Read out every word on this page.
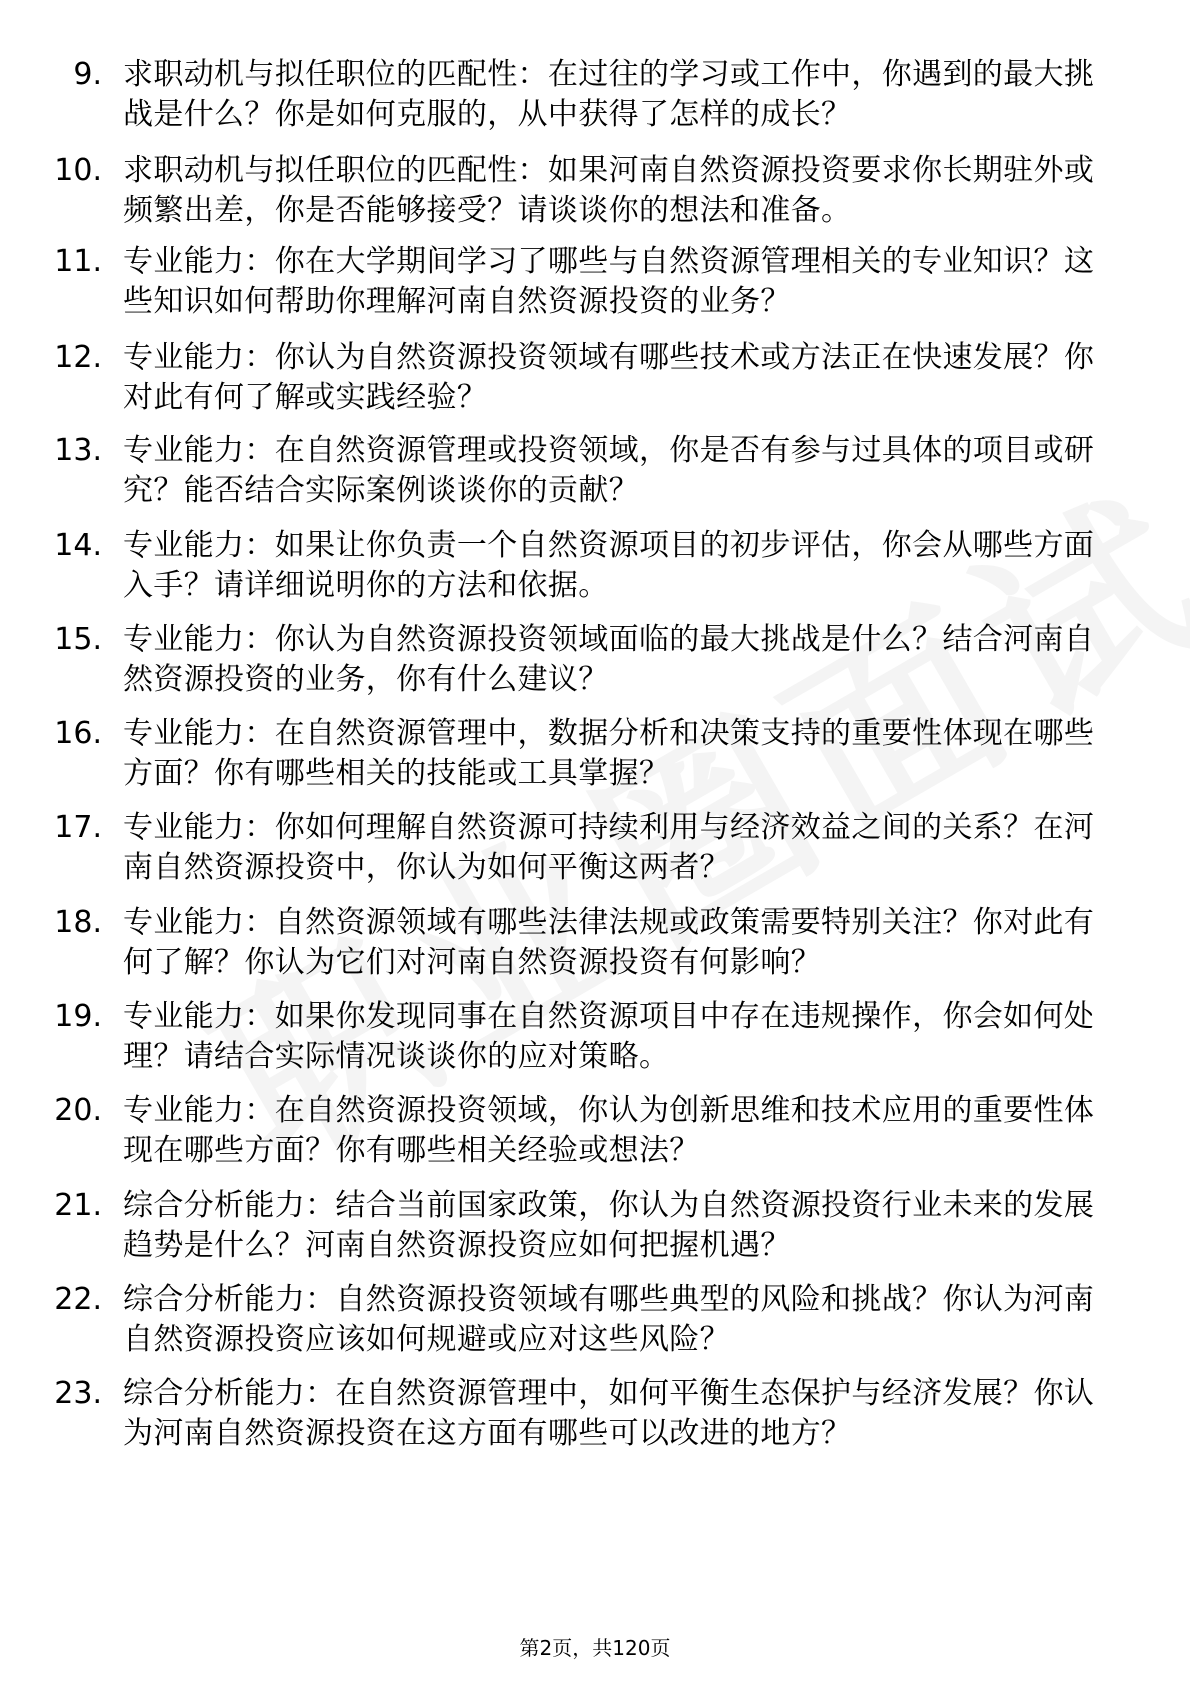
9. 求职动机与拟任职位的匹配性：在过往的学习或工作中，你遇到的最大挑战是什么？你是如何克服的，从中获得了怎样的成长？
10. 求职动机与拟任职位的匹配性：如果河南自然资源投资要求你长期驻外或频繁出差，你是否能够接受？请谈谈你的想法和准备。
11. 专业能力：你在大学期间学习了哪些与自然资源管理相关的专业知识？这些知识如何帮助你理解河南自然资源投资的业务？
12. 专业能力：你认为自然资源投资领域有哪些技术或方法正在快速发展？你对此有何了解或实践经验？
13. 专业能力：在自然资源管理或投资领域，你是否有参与过具体的项目或研究？能否结合实际案例谈谈你的贡献？
14. 专业能力：如果让你负责一个自然资源项目的初步评估，你会从哪些方面入手？请详细说明你的方法和依据。
15. 专业能力：你认为自然资源投资领域面临的最大挑战是什么？结合河南自然资源投资的业务，你有什么建议？
16. 专业能力：在自然资源管理中，数据分析和决策支持的重要性体现在哪些方面？你有哪些相关的技能或工具掌握？
17. 专业能力：你如何理解自然资源可持续利用与经济效益之间的关系？在河南自然资源投资中，你认为如何平衡这两者？
18. 专业能力：自然资源领域有哪些法律法规或政策需要特别关注？你对此有何了解？你认为它们对河南自然资源投资有何影响？
19. 专业能力：如果你发现同事在自然资源项目中存在违规操作，你会如何处理？请结合实际情况谈谈你的应对策略。
20. 专业能力：在自然资源投资领域，你认为创新思维和技术应用的重要性体现在哪些方面？你有哪些相关经验或想法？
21. 综合分析能力：结合当前国家政策，你认为自然资源投资行业未来的发展趋势是什么？河南自然资源投资应如何把握机遇？
22. 综合分析能力：自然资源投资领域有哪些典型的风险和挑战？你认为河南自然资源投资应该如何规避或应对这些风险？
23. 综合分析能力：在自然资源管理中，如何平衡生态保护与经济发展？你认为河南自然资源投资在这方面有哪些可以改进的地方？
第2页，共120页
